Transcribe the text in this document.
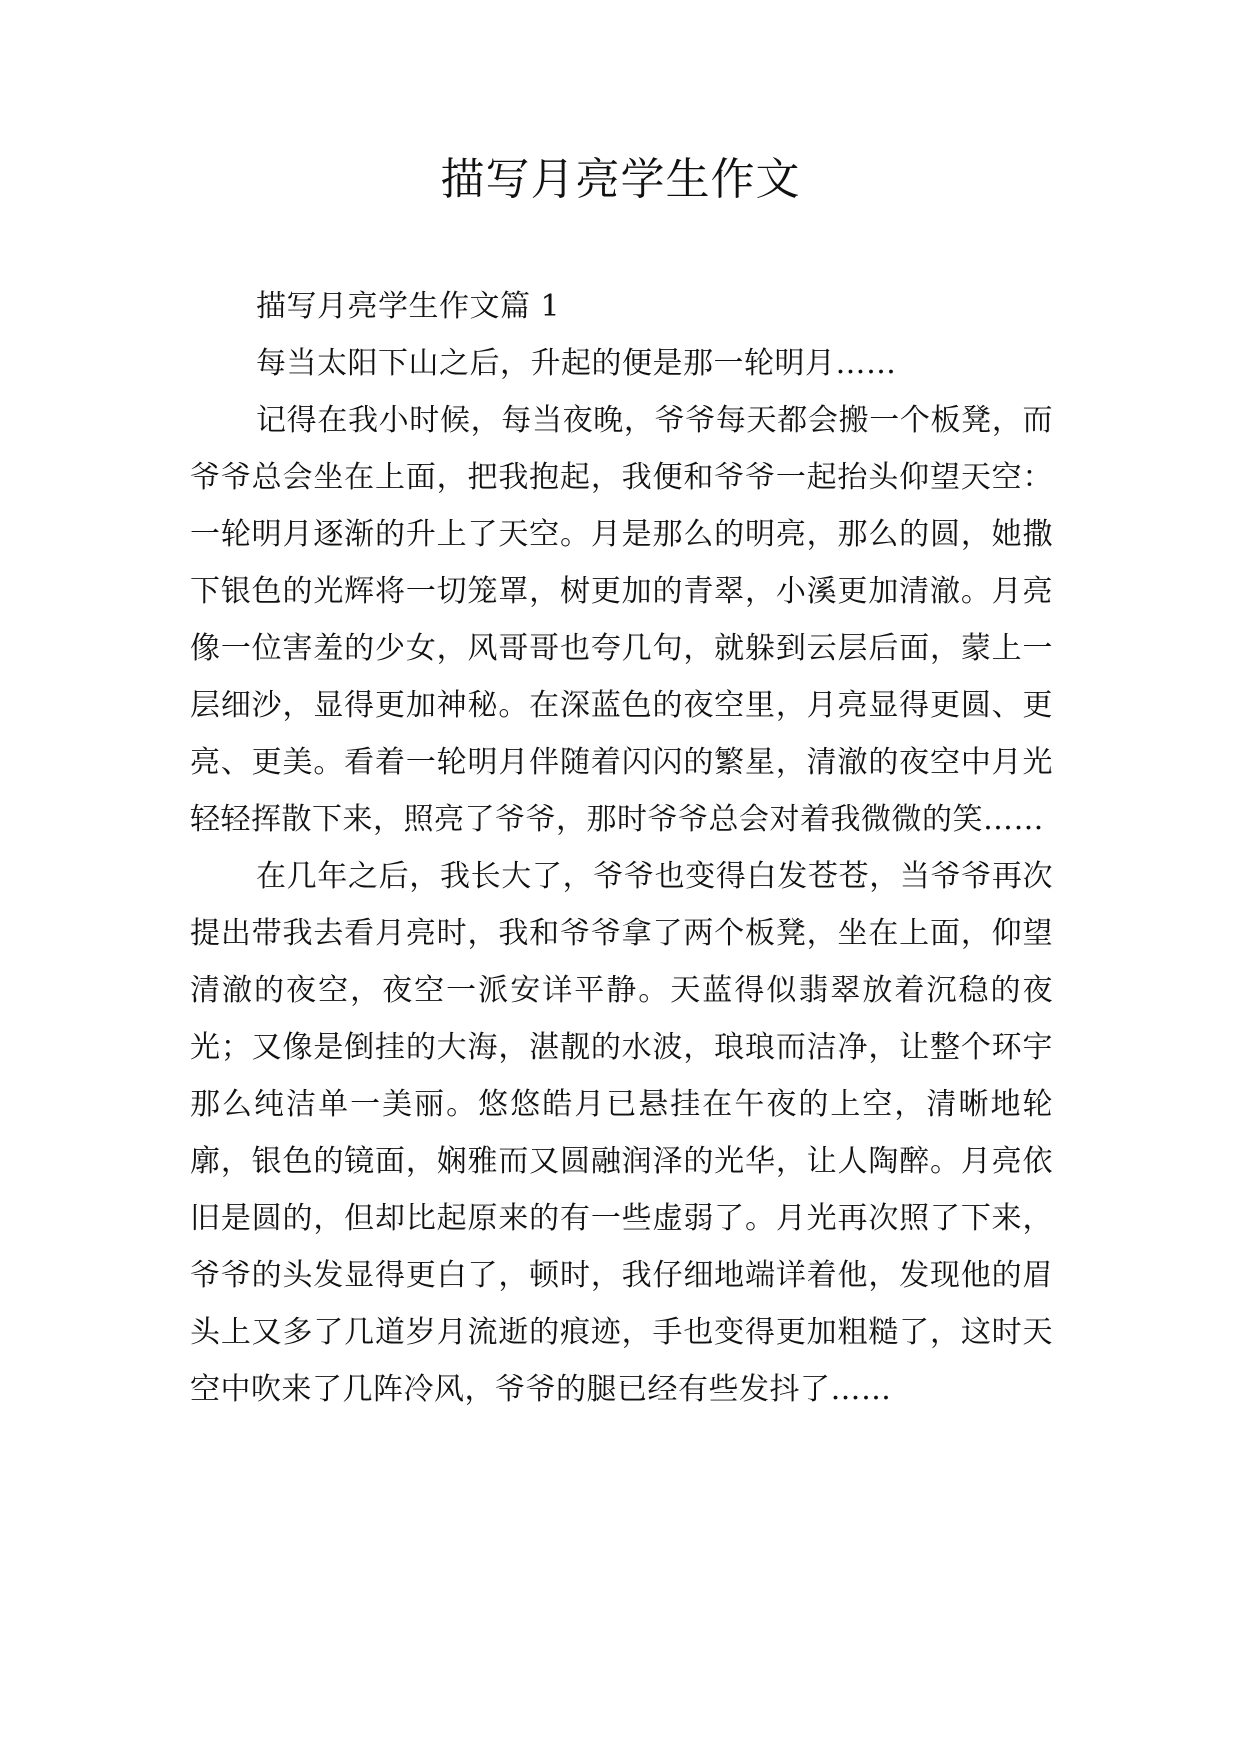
描写月亮学生作文

描写月亮学生作文篇 1

每当太阳下山之后，升起的便是那一轮明月……

记得在我小时候，每当夜晚，爷爷每天都会搬一个板凳，而爷爷总会坐在上面，把我抱起，我便和爷爷一起抬头仰望天空：一轮明月逐渐的升上了天空。月是那么的明亮，那么的圆，她撒下银色的光辉将一切笼罩，树更加的青翠，小溪更加清澈。月亮像一位害羞的少女，风哥哥也夸几句，就躲到云层后面，蒙上一层细沙，显得更加神秘。在深蓝色的夜空里，月亮显得更圆、更亮、更美。看着一轮明月伴随着闪闪的繁星，清澈的夜空中月光轻轻挥散下来，照亮了爷爷，那时爷爷总会对着我微微的笑……

在几年之后，我长大了，爷爷也变得白发苍苍，当爷爷再次提出带我去看月亮时，我和爷爷拿了两个板凳，坐在上面，仰望清澈的夜空，夜空一派安详平静。天蓝得似翡翠放着沉稳的夜光；又像是倒挂的大海，湛靓的水波，琅琅而洁净，让整个环宇那么纯洁单一美丽。悠悠皓月已悬挂在午夜的上空，清晰地轮廓，银色的镜面，娴雅而又圆融润泽的光华，让人陶醉。月亮依旧是圆的，但却比起原来的有一些虚弱了。月光再次照了下来，爷爷的头发显得更白了，顿时，我仔细地端详着他，发现他的眉头上又多了几道岁月流逝的痕迹，手也变得更加粗糙了，这时天空中吹来了几阵冷风，爷爷的腿已经有些发抖了……
